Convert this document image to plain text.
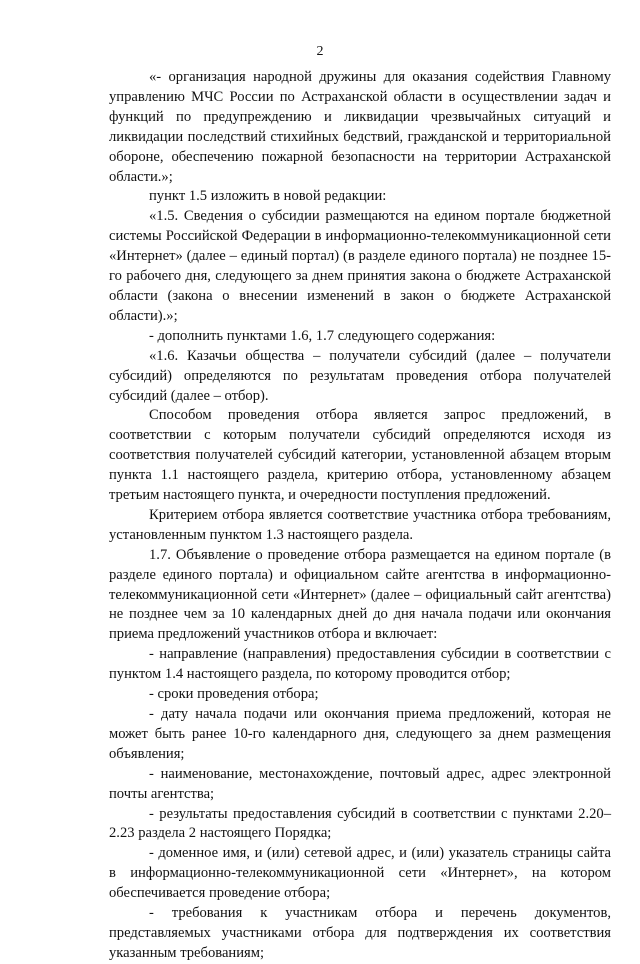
2

«- организация народной дружины для оказания содействия Главному управлению МЧС России по Астраханской области в осуществлении задач и функций по предупреждению и ликвидации чрезвычайных ситуаций и ликвидации последствий стихийных бедствий, гражданской и территориальной обороне, обеспечению пожарной безопасности на территории Астраханской области.»;

пункт 1.5 изложить в новой редакции:

«1.5. Сведения о субсидии размещаются на едином портале бюджетной системы Российской Федерации в информационно-телекоммуникационной сети «Интернет» (далее – единый портал) (в разделе единого портала) не позднее 15-го рабочего дня, следующего за днем принятия закона о бюджете Астраханской области (закона о внесении изменений в закон о бюджете Астраханской области).»;

- дополнить пунктами 1.6, 1.7 следующего содержания:

«1.6. Казачьи общества – получатели субсидий (далее – получатели субсидий) определяются по результатам проведения отбора получателей субсидий (далее – отбор).

Способом проведения отбора является запрос предложений, в соответствии с которым получатели субсидий определяются исходя из соответствия получателей субсидий категории, установленной абзацем вторым пункта 1.1 настоящего раздела, критерию отбора, установленному абзацем третьим настоящего пункта, и очередности поступления предложений.

Критерием отбора является соответствие участника отбора требованиям, установленным пунктом 1.3 настоящего раздела.

1.7. Объявление о проведение отбора размещается на едином портале (в разделе единого портала) и официальном сайте агентства в информационно-телекоммуникационной сети «Интернет» (далее – официальный сайт агентства) не позднее чем за 10 календарных дней до дня начала подачи или окончания приема предложений участников отбора и включает:

- направление (направления) предоставления субсидии в соответствии с пунктом 1.4 настоящего раздела, по которому проводится отбор;

- сроки проведения отбора;

- дату начала подачи или окончания приема предложений, которая не может быть ранее 10-го календарного дня, следующего за днем размещения объявления;

- наименование, местонахождение, почтовый адрес, адрес электронной почты агентства;

- результаты предоставления субсидий в соответствии с пунктами 2.20–2.23 раздела 2 настоящего Порядка;

- доменное имя, и (или) сетевой адрес, и (или) указатель страницы сайта в информационно-телекоммуникационной сети «Интернет», на котором обеспечивается проведение отбора;

- требования к участникам отбора и перечень документов, представляемых участниками отбора для подтверждения их соответствия указанным требованиям;
